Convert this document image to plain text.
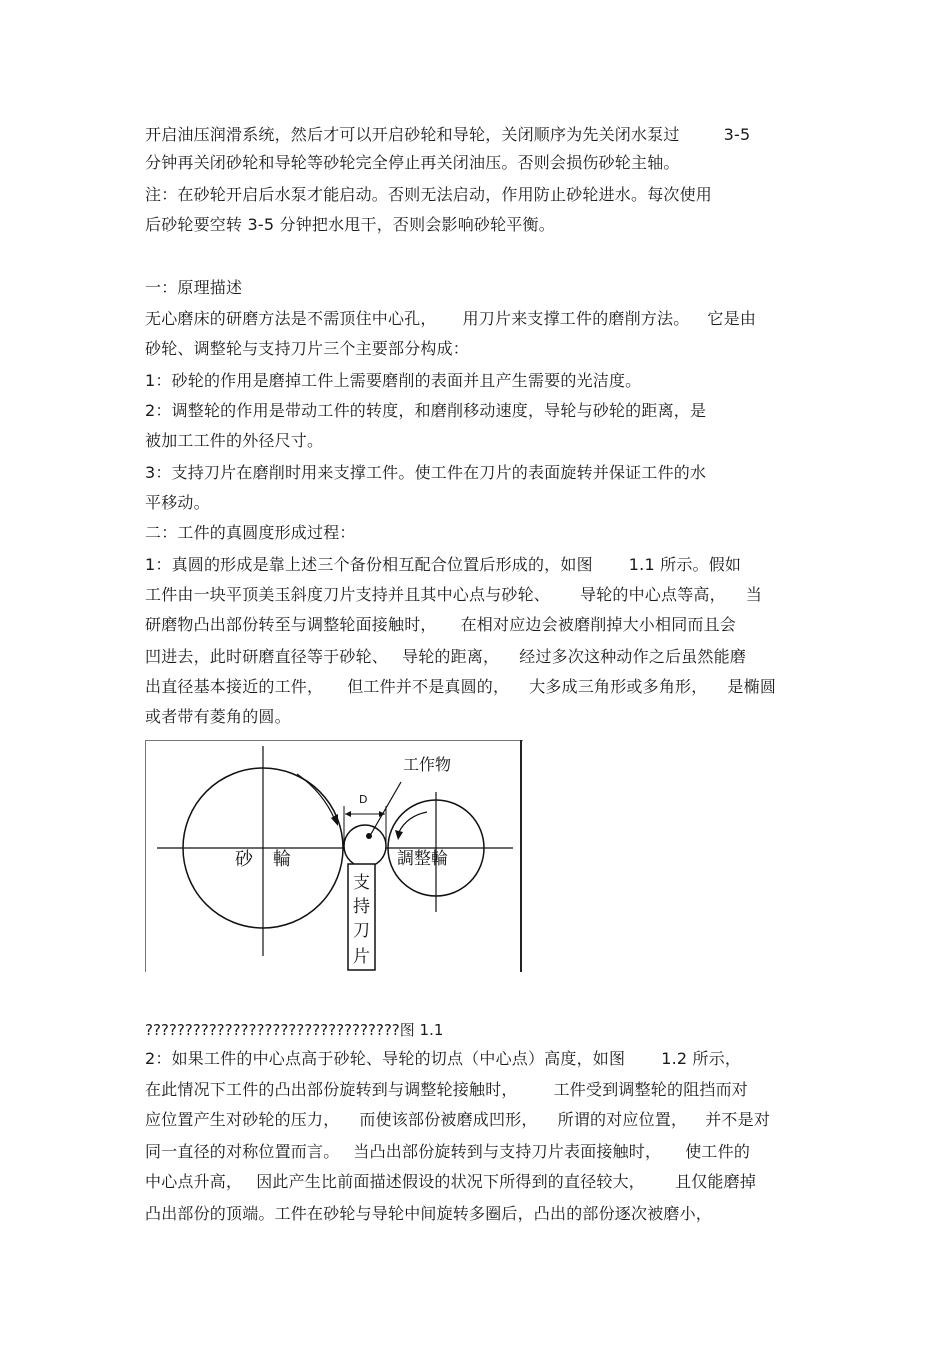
开启油压润滑系统，然后才可以开启砂轮和导轮，关闭顺序为先关闭水泵过	3-5
分钟再关闭砂轮和导轮等砂轮完全停止再关闭油压。否则会损伤砂轮主轴。
注：在砂轮开启后水泵才能启动。否则无法启动，作用防止砂轮进水。每次使用
后砂轮要空转 3-5 分钟把水甩干，否则会影响砂轮平衡。
一：原理描述
无心磨床的研磨方法是不需顶住中心孔， 用刀片来支撑工件的磨削方法。 它是由
砂轮、调整轮与支持刀片三个主要部分构成：
1：砂轮的作用是磨掉工件上需要磨削的表面并且产生需要的光洁度。
2：调整轮的作用是带动工件的转度，和磨削移动速度，导轮与砂轮的距离，是
被加工工件的外径尺寸。
3：支持刀片在磨削时用来支撑工件。使工件在刀片的表面旋转并保证工件的水
平移动。
二：工件的真圆度形成过程：
1：真圆的形成是靠上述三个备份相互配合位置后形成的，如图 1.1 所示。假如
工件由一块平顶美玉斜度刀片支持并且其中心点与砂轮、 导轮的中心点等高， 当
研磨物凸出部份转至与调整轮面接触时， 在相对应边会被磨削掉大小相同而且会
凹进去，此时研磨直径等于砂轮、 导轮的距离， 经过多次这种动作之后虽然能磨
出直径基本接近的工件， 但工件并不是真圆的， 大多成三角形或多角形， 是椭圆
或者带有菱角的圆。
工作物
D
砂 輪	調整輪
支
持
刀
片
????????????????????????????????图 1.1
2：如果工件的中心点高于砂轮、导轮的切点（中心点）高度，如图 1.2 所示，
在此情况下工件的凸出部份旋转到与调整轮接触时， 工件受到调整轮的阻挡而对
应位置产生对砂轮的压力， 而使该部份被磨成凹形， 所谓的对应位置， 并不是对
同一直径的对称位置而言。 当凸出部份旋转到与支持刀片表面接触时， 使工件的
中心点升高， 因此产生比前面描述假设的状况下所得到的直径较大， 且仅能磨掉
凸出部份的顶端。工件在砂轮与导轮中间旋转多圈后，凸出的部份逐次被磨小，
